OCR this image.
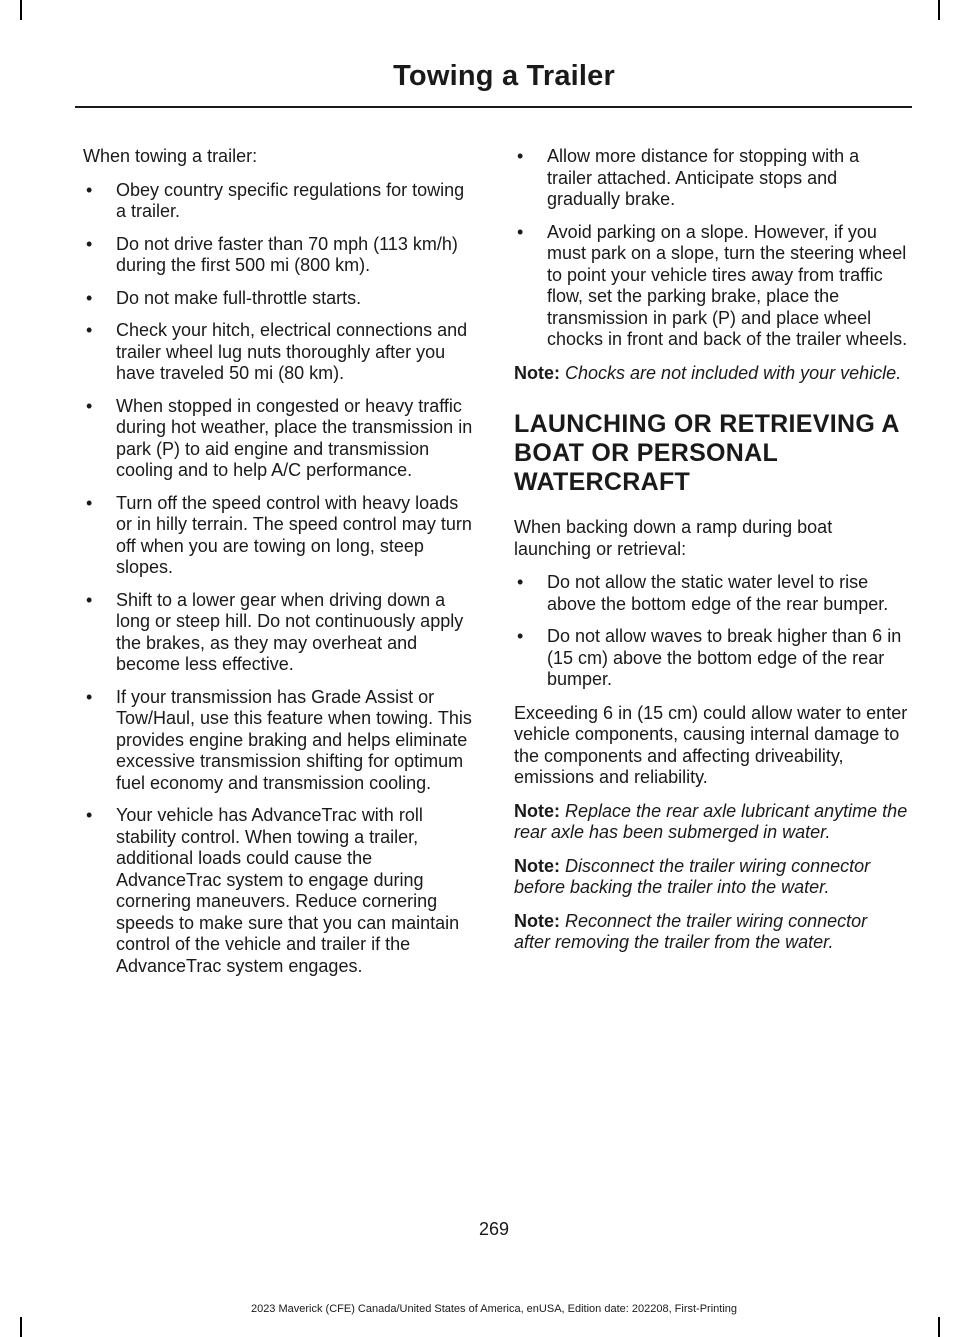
Towing a Trailer

When towing a trailer:

• Obey country specific regulations for towing a trailer.
• Do not drive faster than 70 mph (113 km/h) during the first 500 mi (800 km).
• Do not make full-throttle starts.
• Check your hitch, electrical connections and trailer wheel lug nuts thoroughly after you have traveled 50 mi (80 km).
• When stopped in congested or heavy traffic during hot weather, place the transmission in park (P) to aid engine and transmission cooling and to help A/C performance.
• Turn off the speed control with heavy loads or in hilly terrain. The speed control may turn off when you are towing on long, steep slopes.
• Shift to a lower gear when driving down a long or steep hill. Do not continuously apply the brakes, as they may overheat and become less effective.
• If your transmission has Grade Assist or Tow/Haul, use this feature when towing. This provides engine braking and helps eliminate excessive transmission shifting for optimum fuel economy and transmission cooling.
• Your vehicle has AdvanceTrac with roll stability control. When towing a trailer, additional loads could cause the AdvanceTrac system to engage during cornering maneuvers. Reduce cornering speeds to make sure that you can maintain control of the vehicle and trailer if the AdvanceTrac system engages.
• Allow more distance for stopping with a trailer attached. Anticipate stops and gradually brake.
• Avoid parking on a slope. However, if you must park on a slope, turn the steering wheel to point your vehicle tires away from traffic flow, set the parking brake, place the transmission in park (P) and place wheel chocks in front and back of the trailer wheels.

Note: Chocks are not included with your vehicle.

LAUNCHING OR RETRIEVING A BOAT OR PERSONAL WATERCRAFT

When backing down a ramp during boat launching or retrieval:

• Do not allow the static water level to rise above the bottom edge of the rear bumper.
• Do not allow waves to break higher than 6 in (15 cm) above the bottom edge of the rear bumper.

Exceeding 6 in (15 cm) could allow water to enter vehicle components, causing internal damage to the components and affecting driveability, emissions and reliability.

Note: Replace the rear axle lubricant anytime the rear axle has been submerged in water.

Note: Disconnect the trailer wiring connector before backing the trailer into the water.

Note: Reconnect the trailer wiring connector after removing the trailer from the water.

269
2023 Maverick (CFE) Canada/United States of America, enUSA, Edition date: 202208, First-Printing
